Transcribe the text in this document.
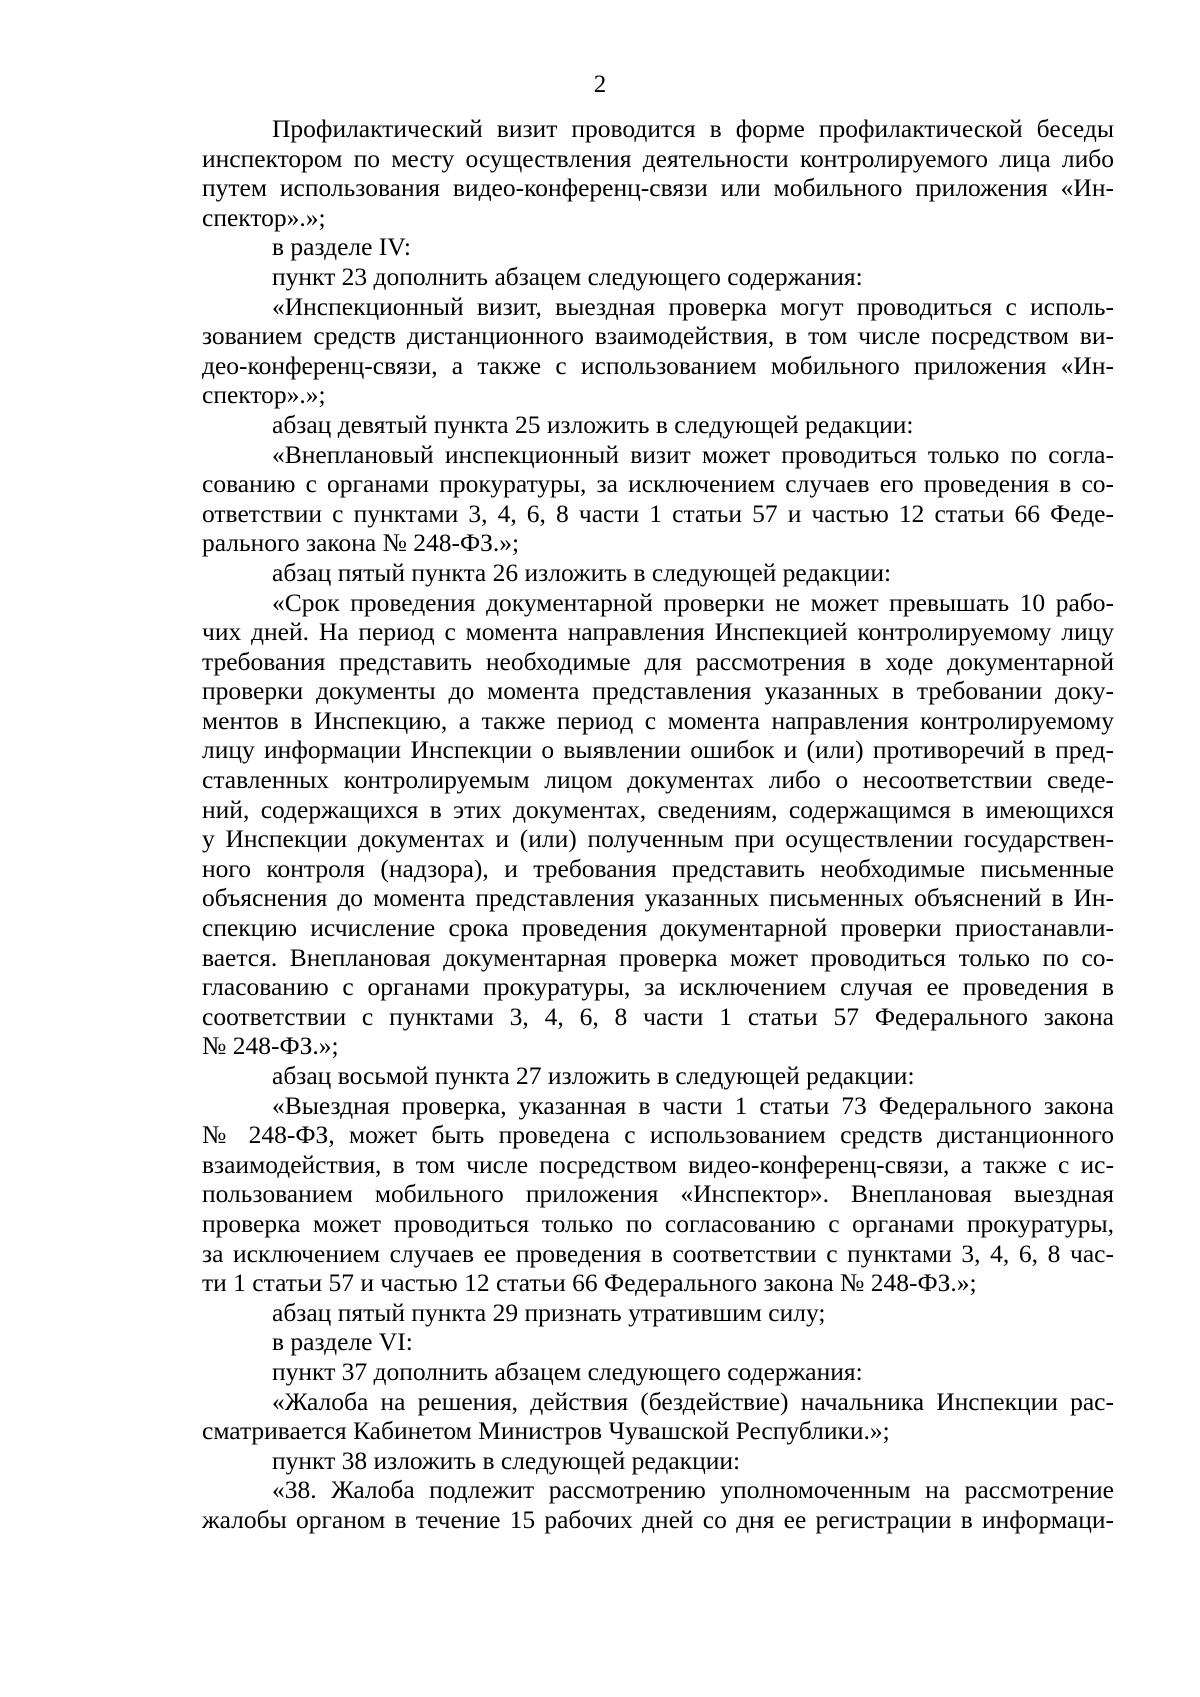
2
Профилактический визит проводится в форме профилактической беседы
инспектором по месту осуществления деятельности контролируемого лица либо
путем использования видео-конференц-связи или мобильного приложения «Ин-
спектор».»;
в разделе IV:
пункт 23 дополнить абзацем следующего содержания:
«Инспекционный визит, выездная проверка могут проводиться с исполь-
зованием средств дистанционного взаимодействия, в том числе посредством ви-
део-конференц-связи, а также с использованием мобильного приложения «Ин-
спектор».»;
абзац девятый пункта 25 изложить в следующей редакции:
«Внеплановый инспекционный визит может проводиться только по согла-
сованию с органами прокуратуры, за исключением случаев его проведения в со-
ответствии с пунктами 3, 4, 6, 8 части 1 статьи 57 и частью 12 статьи 66 Феде-
рального закона № 248-ФЗ.»;
абзац пятый пункта 26 изложить в следующей редакции:
«Срок проведения документарной проверки не может превышать 10 рабо-
чих дней. На период с момента направления Инспекцией контролируемому лицу
требования представить необходимые для рассмотрения в ходе документарной
проверки документы до момента представления указанных в требовании доку-
ментов в Инспекцию, а также период с момента направления контролируемому
лицу информации Инспекции о выявлении ошибок и (или) противоречий в пред-
ставленных контролируемым лицом документах либо о несоответствии сведе-
ний, содержащихся в этих документах, сведениям, содержащимся в имеющихся
у Инспекции документах и (или) полученным при осуществлении государствен-
ного контроля (надзора), и требования представить необходимые письменные
объяснения до момента представления указанных письменных объяснений в Ин-
спекцию исчисление срока проведения документарной проверки приостанавли-
вается. Внеплановая документарная проверка может проводиться только по со-
гласованию с органами прокуратуры, за исключением случая ее проведения в
соответствии с пунктами 3, 4, 6, 8 части 1 статьи 57 Федерального закона
№ 248-ФЗ.»;
абзац восьмой пункта 27 изложить в следующей редакции:
«Выездная проверка, указанная в части 1 статьи 73 Федерального закона
№ 248-ФЗ, может быть проведена с использованием средств дистанционного
взаимодействия, в том числе посредством видео-конференц-связи, а также с ис-
пользованием мобильного приложения «Инспектор». Внеплановая выездная
проверка может проводиться только по согласованию с органами прокуратуры,
за исключением случаев ее проведения в соответствии с пунктами 3, 4, 6, 8 час-
ти 1 статьи 57 и частью 12 статьи 66 Федерального закона № 248-ФЗ.»;
абзац пятый пункта 29 признать утратившим силу;
в разделе VI:
пункт 37 дополнить абзацем следующего содержания:
«Жалоба на решения, действия (бездействие) начальника Инспекции рас-
сматривается Кабинетом Министров Чувашской Республики.»;
пункт 38 изложить в следующей редакции:
«38. Жалоба подлежит рассмотрению уполномоченным на рассмотрение
жалобы органом в течение 15 рабочих дней со дня ее регистрации в информаци-
